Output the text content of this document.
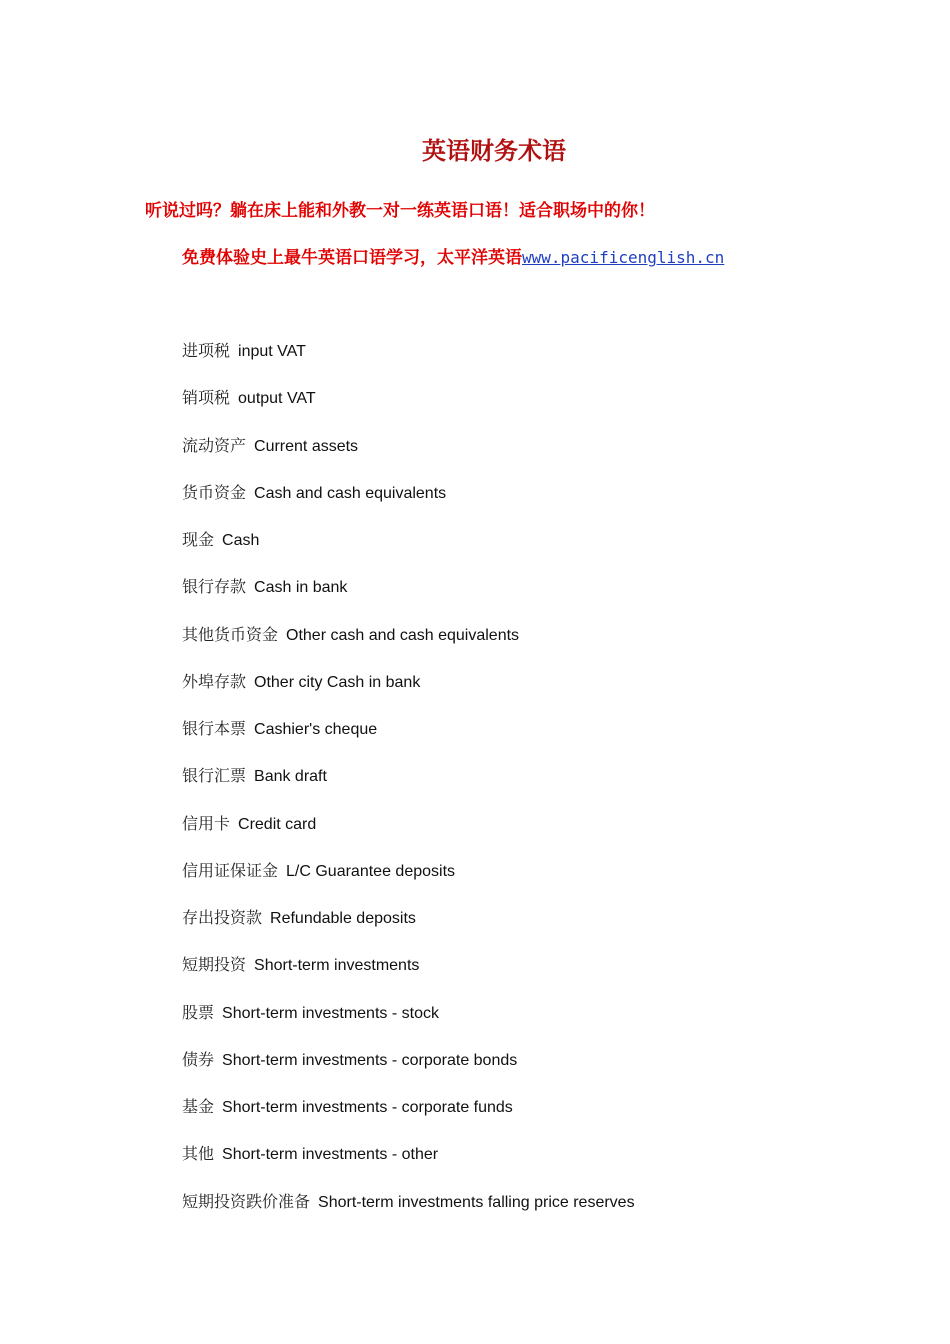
英语财务术语
听说过吗？躺在床上能和外教一对一练英语口语！适合职场中的你！
免费体验史上最牛英语口语学习，太平洋英语www.pacificenglish.cn
进项税 input VAT
销项税 output VAT
流动资产 Current assets
货币资金 Cash and cash equivalents
现金 Cash
银行存款 Cash in bank
其他货币资金 Other cash and cash equivalents
外埠存款 Other city Cash in bank
银行本票 Cashier's cheque
银行汇票 Bank draft
信用卡 Credit card
信用证保证金 L/C Guarantee deposits
存出投资款 Refundable deposits
短期投资 Short-term investments
股票 Short-term investments - stock
债券 Short-term investments - corporate bonds
基金 Short-term investments - corporate funds
其他 Short-term investments - other
短期投资跌价准备 Short-term investments falling price reserves
